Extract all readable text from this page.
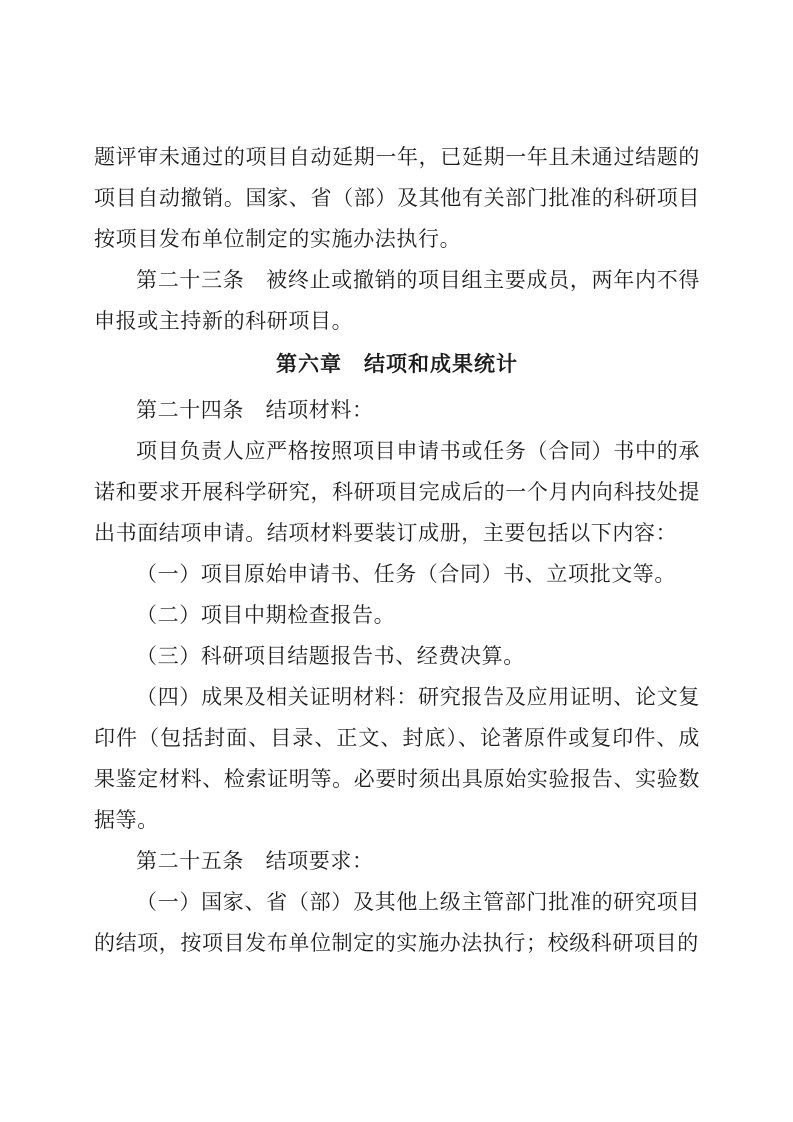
题评审未通过的项目自动延期一年，已延期一年且未通过结题的项目自动撤销。国家、省（部）及其他有关部门批准的科研项目按项目发布单位制定的实施办法执行。

第二十三条　被终止或撤销的项目组主要成员，两年内不得申报或主持新的科研项目。

第六章　结项和成果统计

第二十四条　结项材料：

项目负责人应严格按照项目申请书或任务（合同）书中的承诺和要求开展科学研究，科研项目完成后的一个月内向科技处提出书面结项申请。结项材料要装订成册，主要包括以下内容：

（一）项目原始申请书、任务（合同）书、立项批文等。

（二）项目中期检查报告。

（三）科研项目结题报告书、经费决算。

（四）成果及相关证明材料：研究报告及应用证明、论文复印件（包括封面、目录、正文、封底）、论著原件或复印件、成果鉴定材料、检索证明等。必要时须出具原始实验报告、实验数据等。

第二十五条　结项要求：

（一）国家、省（部）及其他上级主管部门批准的研究项目的结项，按项目发布单位制定的实施办法执行；校级科研项目的
